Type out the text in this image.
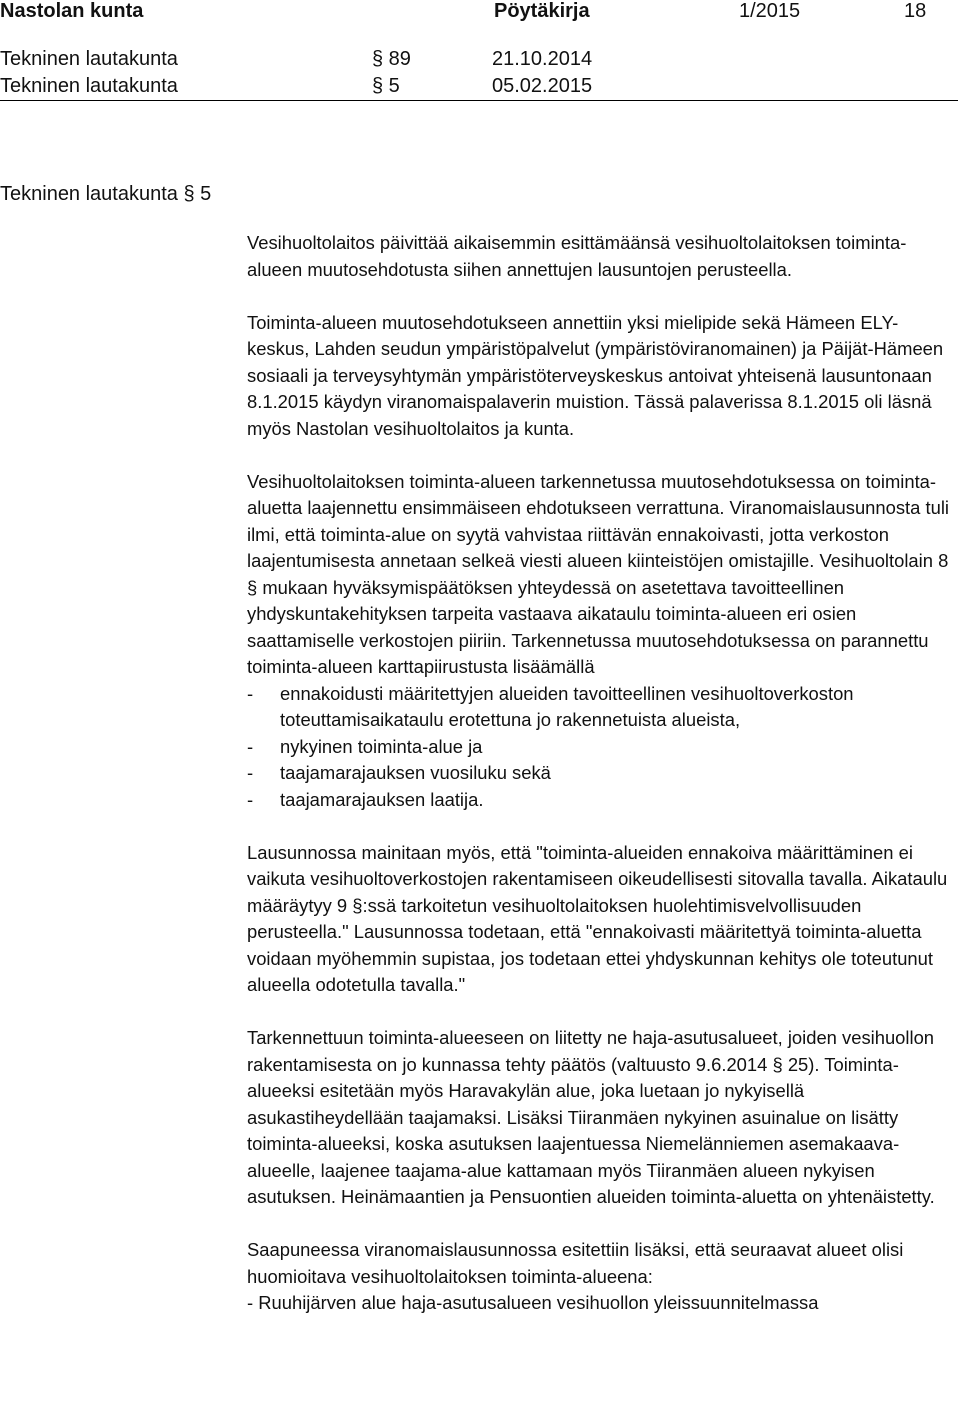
Nastolan kunta	Pöytäkirja	1/2015	18
Tekninen lautakunta	§ 89	21.10.2014
Tekninen lautakunta	§ 5	05.02.2015
Tekninen lautakunta § 5

Vesihuoltolaitos päivittää aikaisemmin esittämäänsä vesihuoltolaitoksen toiminta-alueen muutosehdotusta siihen annettujen lausuntojen perusteella.

Toiminta-alueen muutosehdotukseen annettiin yksi mielipide sekä Hämeen ELY-keskus, Lahden seudun ympäristöpalvelut (ympäristöviranomainen) ja Päijät-Hämeen sosiaali ja terveysyhtymän ympäristöterveyskeskus antoivat yhteisenä lausuntonaan 8.1.2015 käydyn viranomaispalaverin muistion. Tässä palaverissa 8.1.2015 oli läsnä myös Nastolan vesihuoltolaitos ja kunta.

Vesihuoltolaitoksen toiminta-alueen tarkennetussa muutosehdotuksessa on toiminta-aluetta laajennettu ensimmäiseen ehdotukseen verrattuna. Viranomaislausunnosta tuli ilmi, että toiminta-alue on syytä vahvistaa riittävän ennakoivasti, jotta verkoston laajentumisesta annetaan selkeä viesti alueen kiinteistöjen omistajille. Vesihuoltolain 8 § mukaan hyväksymispäätöksen yhteydessä on asetettava tavoitteellinen yhdyskuntakehityksen tarpeita vastaava aikataulu toiminta-alueen eri osien saattamiselle verkostojen piiriin. Tarkennetussa muutosehdotuksessa on parannettu toiminta-alueen karttapiirustusta lisäämällä

-	ennakoidusti määritettyjen alueiden tavoitteellinen vesihuoltoverkoston toteuttamisaikataulu erotettuna jo rakennetuista alueista,
-	nykyinen toiminta-alue ja
-	taajamarajauksen vuosiluku sekä
-	taajamarajauksen laatija.

Lausunnossa mainitaan myös, että "toiminta-alueiden ennakoiva määrittäminen ei vaikuta vesihuoltoverkostojen rakentamiseen oikeudellisesti sitovalla tavalla. Aikataulu määräytyy 9 §:ssä tarkoitetun vesihuoltolaitoksen huolehtimisvelvollisuuden perusteella." Lausunnossa todetaan, että "ennakoivasti määritettyä toiminta-aluetta voidaan myöhemmin supistaa, jos todetaan ettei yhdyskunnan kehitys ole toteutunut alueella odotetulla tavalla."

Tarkennettuun toiminta-alueeseen on liitetty ne haja-asutusalueet, joiden vesihuollon rakentamisesta on jo kunnassa tehty päätös (valtuusto 9.6.2014 § 25). Toiminta-alueeksi esitetään myös Haravakylän alue, joka luetaan jo nykyisellä asukastiheydellään taajamaksi. Lisäksi Tiiranmäen nykyinen asuinalue on lisätty toiminta-alueeksi, koska asutuksen laajentuessa Niemelänniemen asemakaava-alueelle, laajenee taajama-alue kattamaan myös Tiiranmäen alueen nykyisen asutuksen. Heinämaantien ja Pensuontien alueiden toiminta-aluetta on yhtenäistetty.

Saapuneessa viranomaislausunnossa esitettiin lisäksi, että seuraavat alueet olisi huomioitava vesihuoltolaitoksen toiminta-alueena:

- Ruuhijärven alue haja-asutusalueen vesihuollon yleissuunnitelmassa
